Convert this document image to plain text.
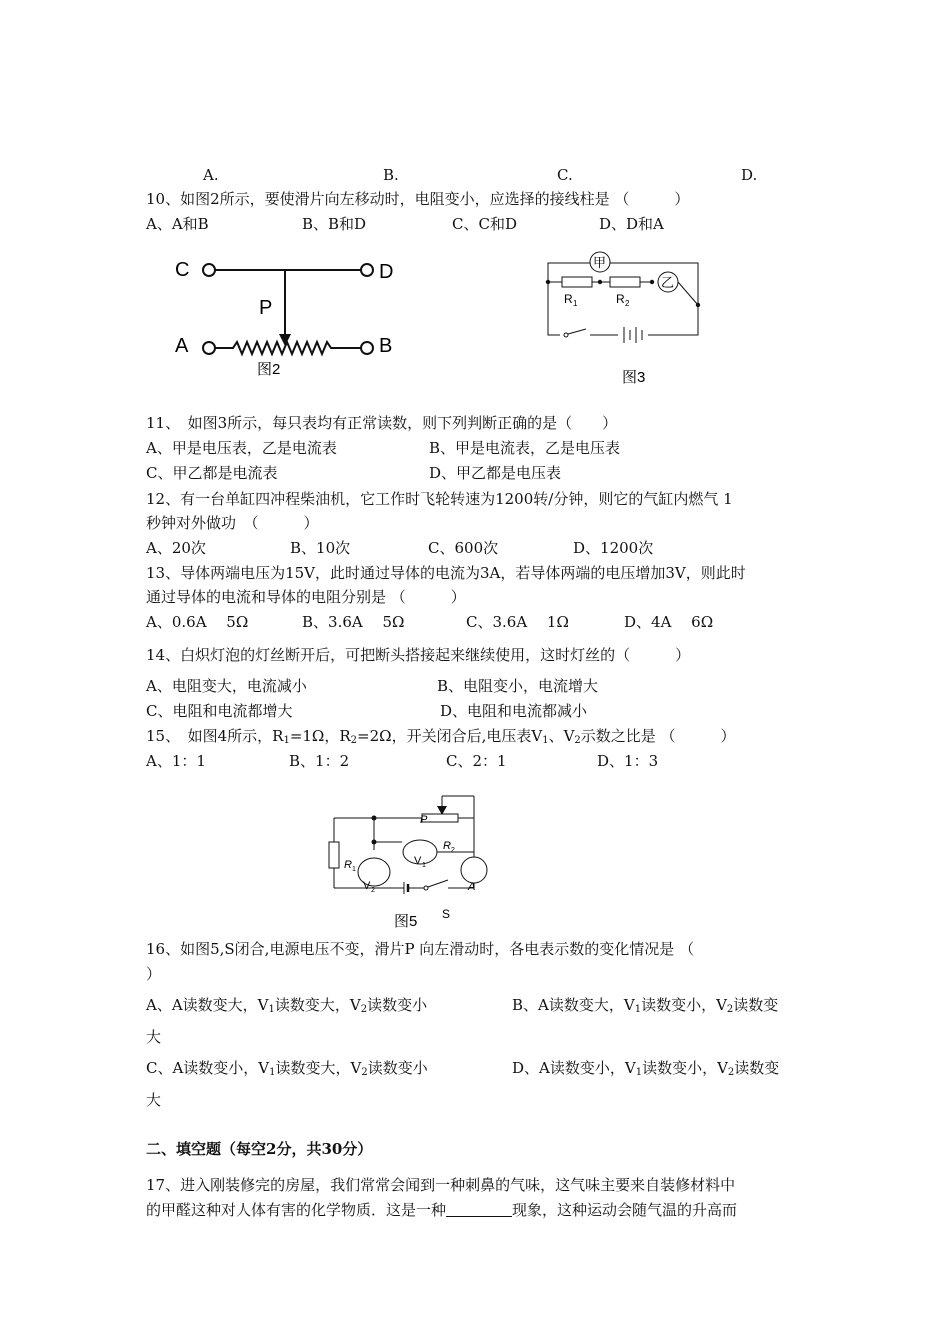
A.	B.	C.	D.
10、如图2所示，要使滑片向左移动时，电阻变小，应选择的接线柱是 （　　　）
A、A和B	B、B和D	C、C和D	D、D和A
C	D
P
A	B
图2
甲
乙
R 1	R 2
图3
11、　如图3所示，每只表均有正常读数，则下列判断正确的是（　　）
A、甲是电压表，乙是电流表	B、甲是电流表，乙是电压表
C、甲乙都是电流表	D、甲乙都是电压表
12、有一台单缸四冲程柴油机，它工作时飞轮转速为1200转/分钟，则它的气缸内燃气 1
秒钟对外做功　（　　　）
A、20次	B、10次	C、600次	D、1200次
13、导体两端电压为15V，此时通过导体的电流为3A，若导体两端的电压增加3V，则此时
通过导体的电流和导体的电阻分别是 （　　　）
A、0.6A　 5Ω	B、3.6A　 5Ω	C、3.6A　 1Ω	D、4A　 6Ω
14、白炽灯泡的灯丝断开后，可把断头搭接起来继续使用，这时灯丝的（　　　）
A、电阻变大，电流减小	B、电阻变小，电流增大
C、电阻和电流都增大	D、电阻和电流都减小
15、　如图4所示，$R_1=1\Omega$，$R_2=2\Omega$，开关闭合后,电压表$V_1$、$V_2$示数之比是 （　　　）
A、1：1	B、1：2	C、2：1	D、1：3
P
R 1
V 1
R 2
V 2	A
图5 S
16、如图5,S闭合,电源电压不变，滑片P 向左滑动时，各电表示数的变化情况是 （
）
A、A读数变大，$V_1$读数变大，$V_2$读数变小	B、A读数变大，$V_1$读数变小，$V_2$读数变
大
C、A读数变小，$V_1$读数变大，$V_2$读数变小	D、A读数变小，$V_1$读数变小，$V_2$读数变
大
二、填空题（每空2分，共30分）
17、进入刚装修完的房屋，我们常常会闻到一种刺鼻的气味，这气味主要来自装修材料中
的甲醛这种对人体有害的化学物质．这是一种	现象，这种运动会随气温的升高而
